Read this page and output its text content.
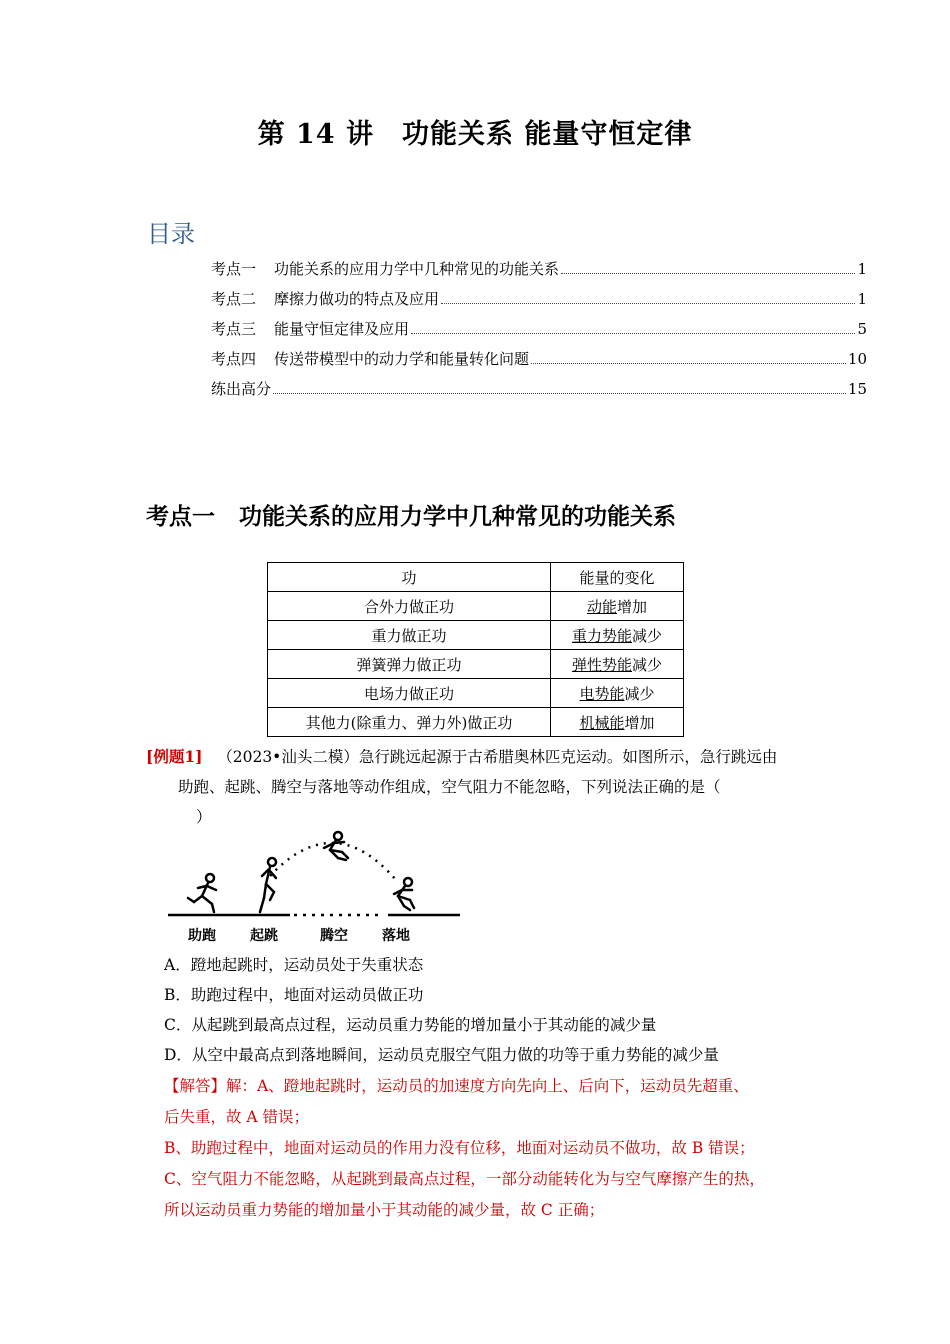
第 14 讲　功能关系 能量守恒定律
目录
考点一 功能关系的应用力学中几种常见的功能关系	1
考点二 摩擦力做功的特点及应用	1
考点三 能量守恒定律及应用	5
考点四 传送带模型中的动力学和能量转化问题	10
练出高分	15
考点一 功能关系的应用力学中几种常见的功能关系
功	能量的变化
合外力做正功	动能增加
重力做正功	重力势能减少
弹簧弹力做正功	弹性势能减少
电场力做正功	电势能减少
其他力(除重力、弹力外)做正功	机械能增加
[例题1] （2023•汕头二模）急行跳远起源于古希腊奥林匹克运动。如图所示，急行跳远由
助跑、起跳、腾空与落地等动作组成，空气阻力不能忽略，下列说法正确的是（
）
助跑 起跳	腾空 落地
A．蹬地起跳时，运动员处于失重状态
B．助跑过程中，地面对运动员做正功
C．从起跳到最高点过程，运动员重力势能的增加量小于其动能的减少量
D．从空中最高点到落地瞬间，运动员克服空气阻力做的功等于重力势能的减少量
【解答】解：A、蹬地起跳时，运动员的加速度方向先向上、后向下，运动员先超重、
后失重，故 A 错误；
B、助跑过程中，地面对运动员的作用力没有位移，地面对运动员不做功，故 B 错误；
C、空气阻力不能忽略，从起跳到最高点过程，一部分动能转化为与空气摩擦产生的热，
所以运动员重力势能的增加量小于其动能的减少量，故 C 正确；
